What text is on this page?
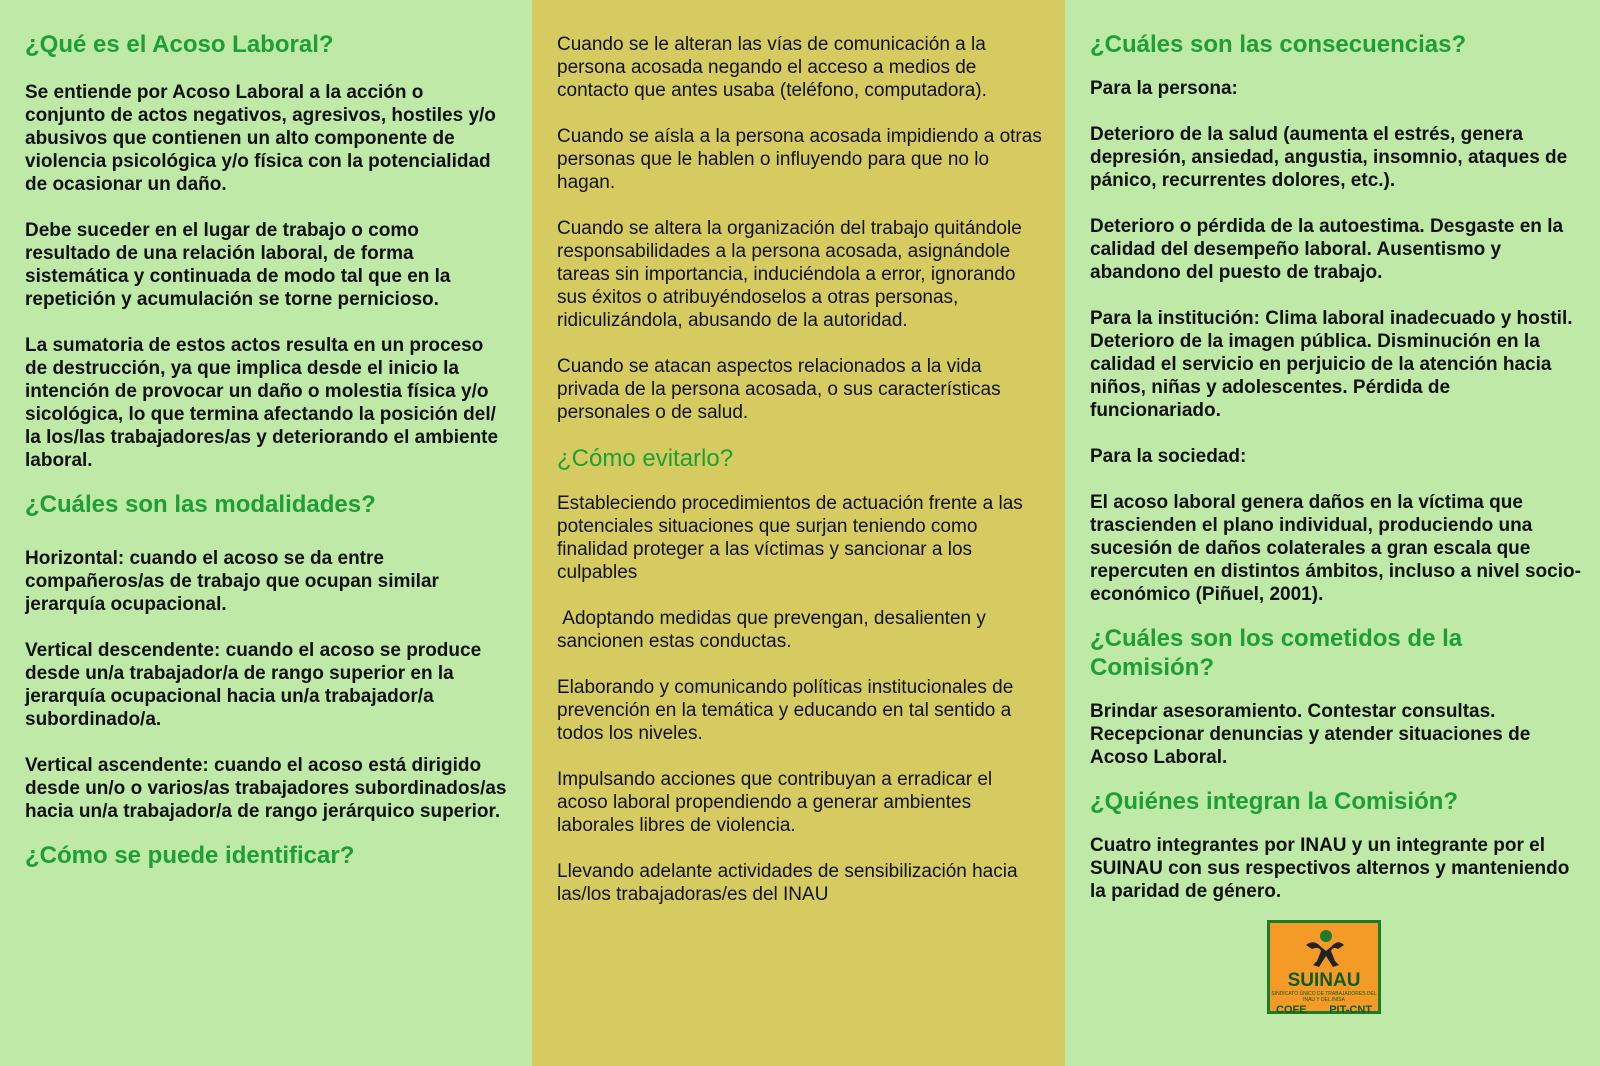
¿Qué es el Acoso Laboral?

Se entiende por Acoso Laboral a la acción o conjunto de actos negativos, agresivos, hostiles y/o abusivos que contienen un alto componente de violencia psicológica y/o física con la potencialidad de ocasionar un daño.

Debe suceder en el lugar de trabajo o como resultado de una relación laboral, de forma sistemática y continuada de modo tal que en la repetición y acumulación se torne pernicioso.

La sumatoria de estos actos resulta en un proceso de destrucción, ya que implica desde el inicio la intención de provocar un daño o molestia física y/o sicológica, lo que termina afectando la posición del/ la los/las trabajadores/as y deteriorando el ambiente laboral.

¿Cuáles son las modalidades?

Horizontal: cuando el acoso se da entre compañeros/as de trabajo que ocupan similar jerarquía ocupacional.

Vertical descendente: cuando el acoso se produce desde un/a trabajador/a de rango superior en la jerarquía ocupacional hacia un/a trabajador/a subordinado/a.

Vertical ascendente: cuando el acoso está dirigido desde un/o o varios/as trabajadores subordinados/as hacia un/a trabajador/a de rango jerárquico superior.

¿Cómo se puede identificar?

Cuando se le alteran las vías de comunicación a la persona acosada negando el acceso a medios de contacto que antes usaba (teléfono, computadora).

Cuando se aísla a la persona acosada impidiendo a otras personas que le hablen o influyendo para que no lo hagan.

Cuando se altera la organización del trabajo quitándole responsabilidades a la persona acosada, asignándole tareas sin importancia, induciéndola a error, ignorando sus éxitos o atribuyéndoselos a otras personas, ridiculizándola, abusando de la autoridad.

Cuando se atacan aspectos relacionados a la vida privada de la persona acosada, o sus características personales o de salud.

¿Cómo evitarlo?

Estableciendo procedimientos de actuación frente a las potenciales situaciones que surjan teniendo como finalidad proteger a las víctimas y sancionar a los culpables

Adoptando medidas que prevengan, desalienten y sancionen estas conductas.

Elaborando y comunicando políticas institucionales de prevención en la temática y educando en tal sentido a todos los niveles.

Impulsando acciones que contribuyan a erradicar el acoso laboral propendiendo a generar ambientes laborales libres de violencia.

Llevando adelante actividades de sensibilización hacia las/los trabajadoras/es del INAU

¿Cuáles son las consecuencias?

Para la persona:

Deterioro de la salud (aumenta el estrés, genera depresión, ansiedad, angustia, insomnio, ataques de pánico, recurrentes dolores, etc.).

Deterioro o pérdida de la autoestima. Desgaste en la calidad del desempeño laboral. Ausentismo y abandono del puesto de trabajo.

Para la institución: Clima laboral inadecuado y hostil. Deterioro de la imagen pública. Disminución en la calidad el servicio en perjuicio de la atención hacia niños, niñas y adolescentes. Pérdida de funcionariado.

Para la sociedad:

El acoso laboral genera daños en la víctima que trascienden el plano individual, produciendo una sucesión de daños colaterales a gran escala que repercuten en distintos ámbitos, incluso a nivel socio-económico (Piñuel, 2001).

¿Cuáles son los cometidos de la Comisión?

Brindar asesoramiento. Contestar consultas. Recepcionar denuncias y atender situaciones de Acoso Laboral.

¿Quiénes integran la Comisión?

Cuatro integrantes por INAU y un integrante por el SUINAU con sus respectivos alternos y manteniendo la paridad de género.

SUINAU
SINDICATO ÚNICO DE TRABAJADORES DEL INAU Y DEL INISA
COFE PIT-CNT
